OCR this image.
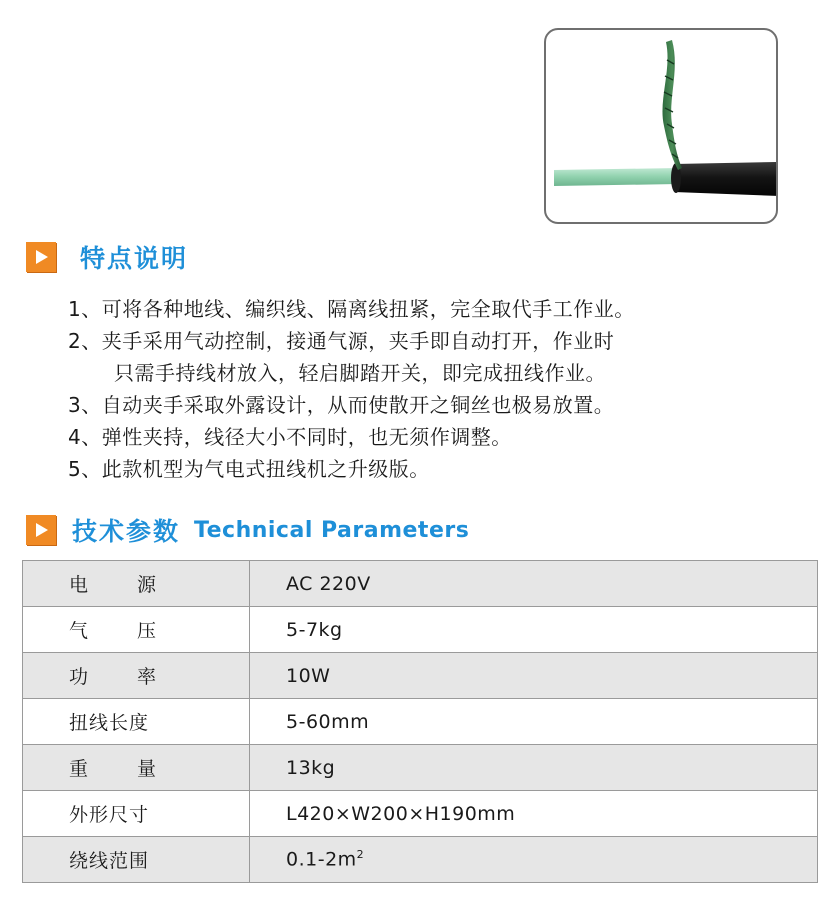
特点说明
1、可将各种地线、编织线、隔离线扭紧，完全取代手工作业。
2、夹手采用气动控制，接通气源，夹手即自动打开，作业时
只需手持线材放入，轻启脚踏开关，即完成扭线作业。
3、自动夹手采取外露设计，从而使散开之铜丝也极易放置。
4、弹性夹持，线径大小不同时，也无须作调整。
5、此款机型为气电式扭线机之升级版。
技术参数 Technical Parameters
电 源	AC 220V

气 压	5-7kg

功 率	10W
扭线长度	5-60mm

重 量	13kg
外形尺寸	L420×W200×H190mm
绕线范围	$0.1-2m^2$
